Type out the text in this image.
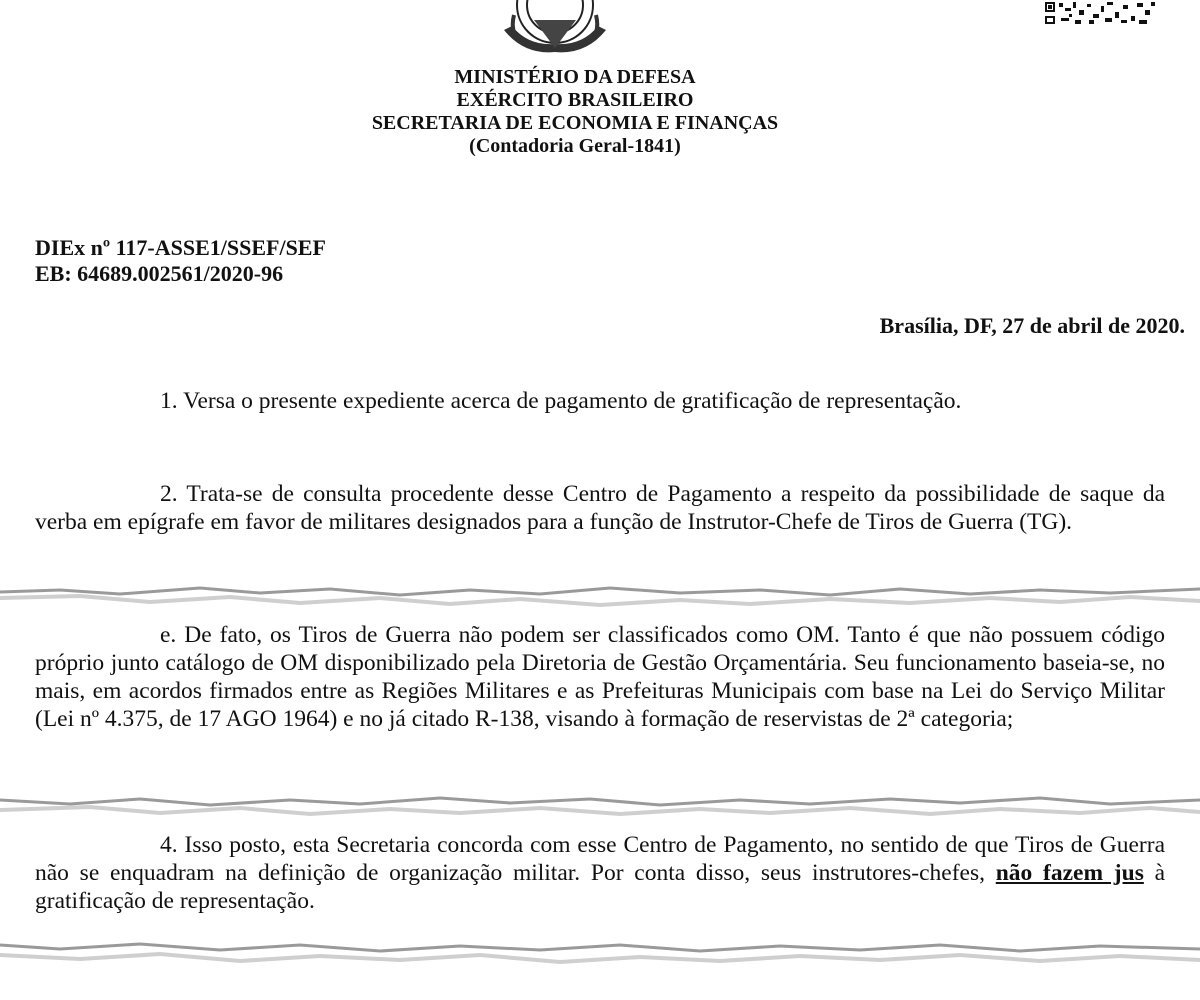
MINISTÉRIO DA DEFESA
EXÉRCITO BRASILEIRO
SECRETARIA DE ECONOMIA E FINANÇAS
(Contadoria Geral-1841)
DIEx nº 117-ASSE1/SSEF/SEF
EB: 64689.002561/2020-96
Brasília, DF, 27 de abril de 2020.
1. Versa o presente expediente acerca de pagamento de gratificação de representação.
2. Trata-se de consulta procedente desse Centro de Pagamento a respeito da possibilidade de saque da verba em epígrafe em favor de militares designados para a função de Instrutor-Chefe de Tiros de Guerra (TG).
e. De fato, os Tiros de Guerra não podem ser classificados como OM. Tanto é que não possuem código próprio junto catálogo de OM disponibilizado pela Diretoria de Gestão Orçamentária. Seu funcionamento baseia-se, no mais, em acordos firmados entre as Regiões Militares e as Prefeituras Municipais com base na Lei do Serviço Militar (Lei nº 4.375, de 17 AGO 1964) e no já citado R-138, visando à formação de reservistas de 2ª categoria;
4. Isso posto, esta Secretaria concorda com esse Centro de Pagamento, no sentido de que Tiros de Guerra não se enquadram na definição de organização militar. Por conta disso, seus instrutores-chefes, não fazem jus à gratificação de representação.
